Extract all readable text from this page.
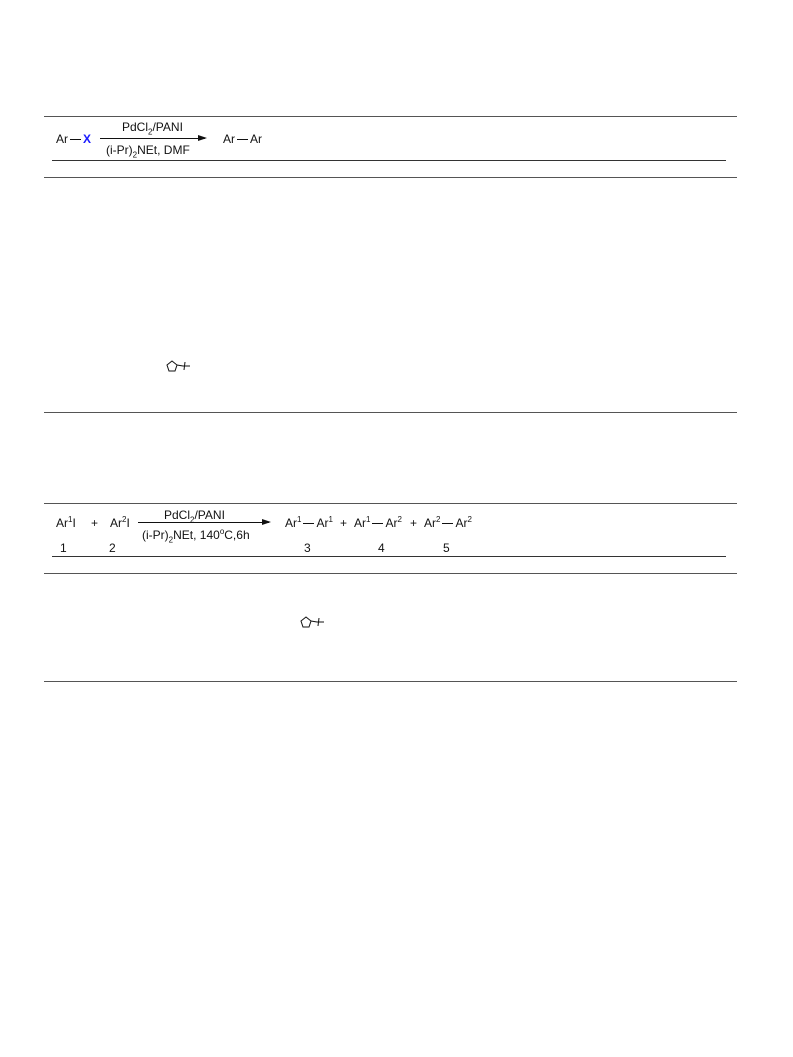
Ar X
PdCl$_2$/PANI
$(i-Pr)_2NEt$, DMF
Ar Ar
$Ar^1I + Ar^2I$
PdCl$_2$/PANI
$(i-Pr)_2NEt$, 140$^o$C,6h
Ar$^1$ $Ar^1 + Ar^1$ $Ar^2 + Ar^2$ Ar$^2$
1	2	3	4	5
